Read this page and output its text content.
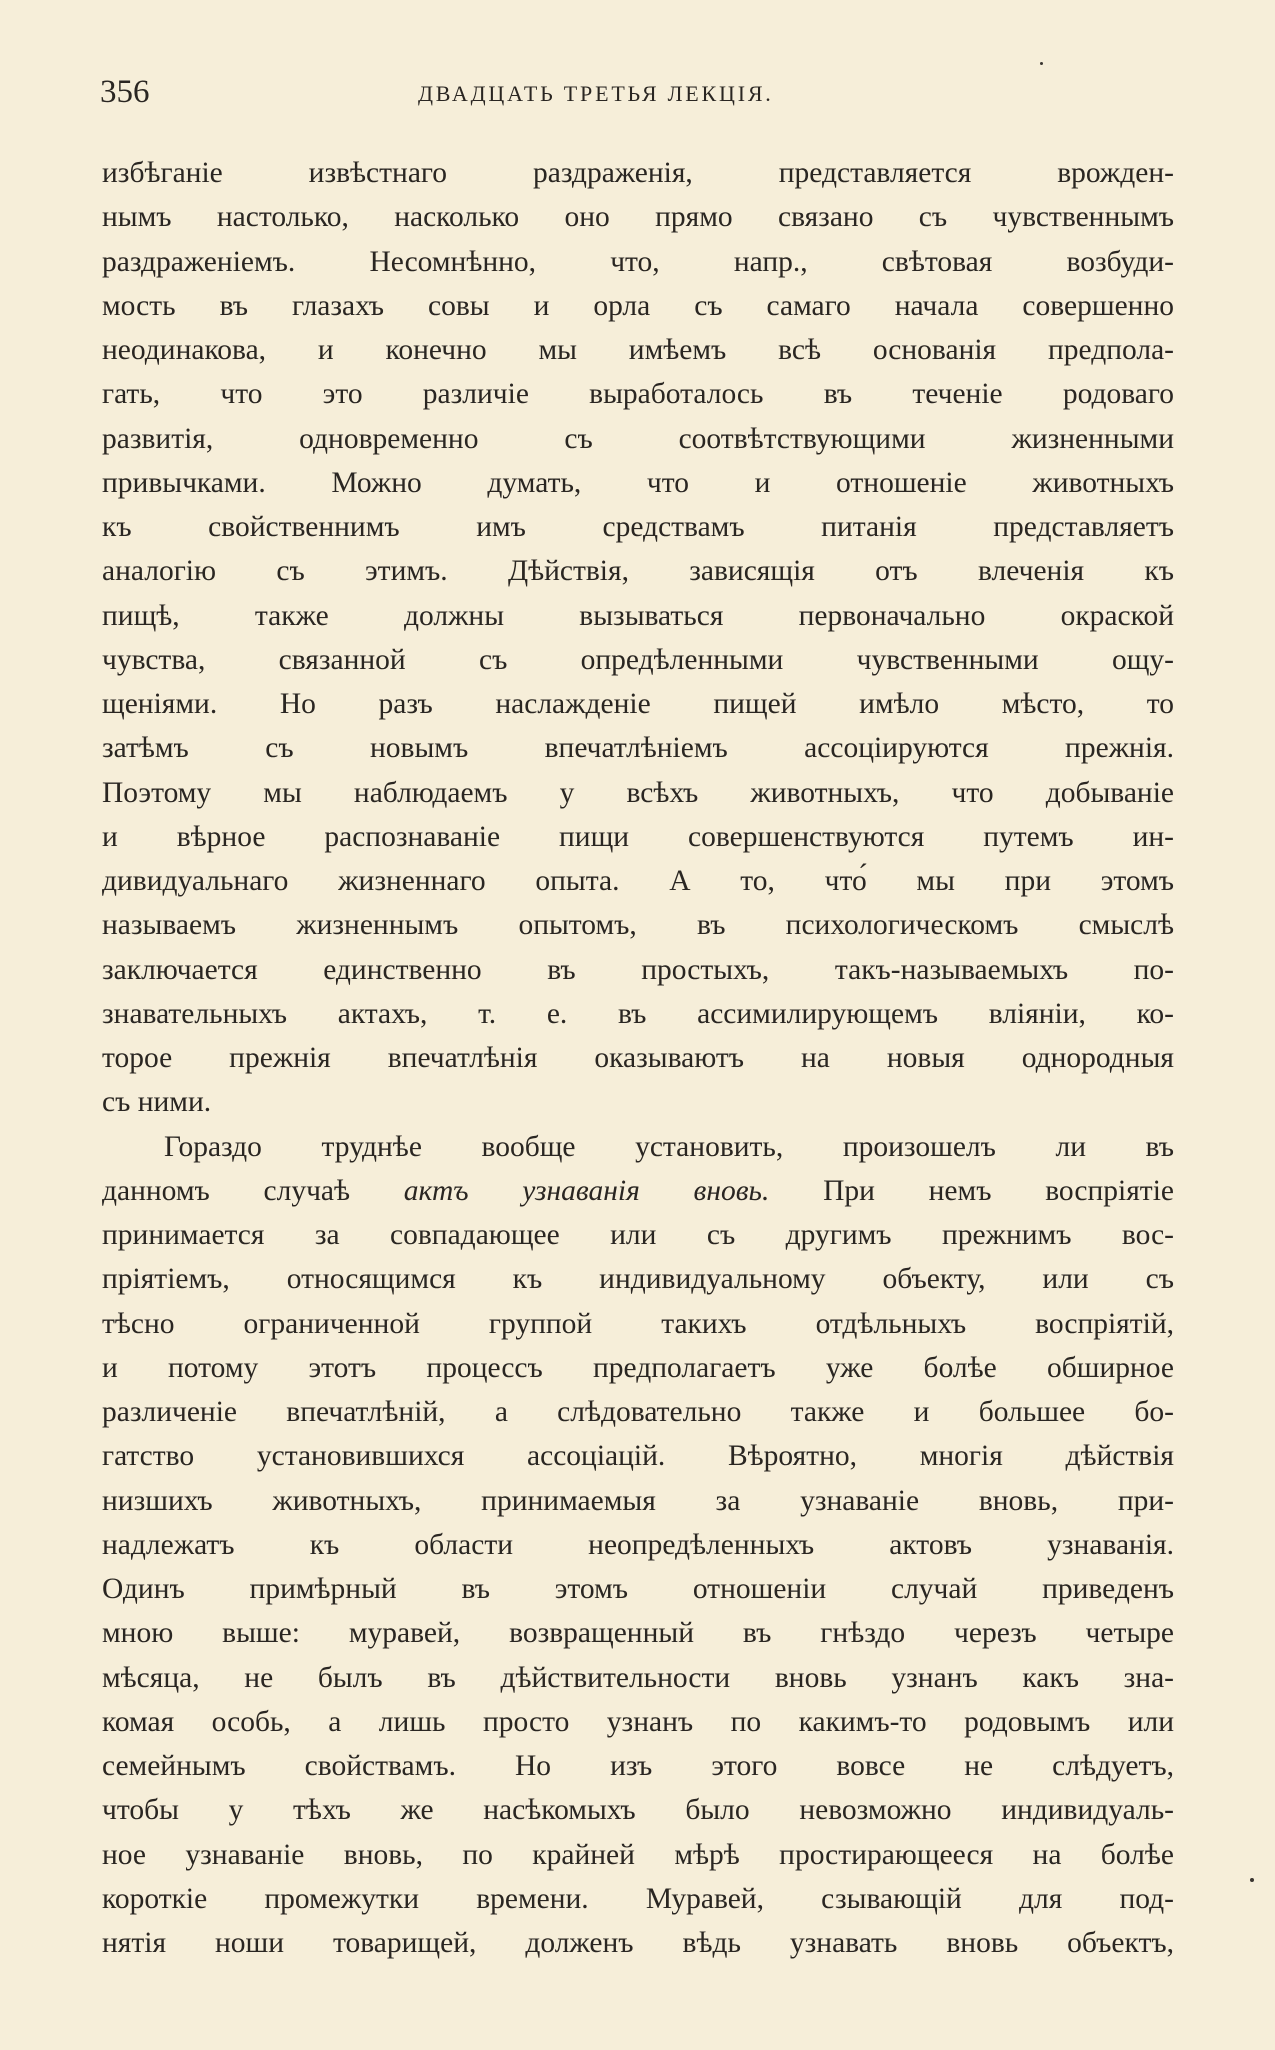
356	ДВАДЦАТЬ ТРЕТЬЯ ЛЕКЦІЯ.
избѣганіе извѣстнаго раздраженія, представляется врожден-
нымъ настолько, насколько оно прямо связано съ чувственнымъ
раздраженіемъ. Несомнѣнно, что, напр., свѣтовая возбуди-
мость въ глазахъ совы и орла съ самаго начала совершенно
неодинакова, и конечно мы имѣемъ всѣ основанія предпола-
гать, что это различіе выработалось въ теченіе родоваго
развитія, одновременно съ соотвѣтствующими жизненными
привычками. Можно думать, что и отношеніе животныхъ
къ свойственнимъ имъ средствамъ питанія представляетъ
аналогію съ этимъ. Дѣйствія, зависящія отъ влеченія къ
пищѣ, также должны вызываться первоначально окраской
чувства, связанной съ опредѣленными чувственными ощу-
щеніями. Но разъ наслажденіе пищей имѣло мѣсто, то
затѣмъ съ новымъ впечатлѣніемъ ассоціируются прежнія.
Поэтому мы наблюдаемъ у всѣхъ животныхъ, что добываніе
и вѣрное распознаваніе пищи совершенствуются путемъ ин-
дивидуальнаго жизненнаго опыта. А то, что́ мы при этомъ
называемъ жизненнымъ опытомъ, въ психологическомъ смыслѣ
заключается единственно въ простыхъ, такъ-называемыхъ по-
знавательныхъ актахъ, т. е. въ ассимилирующемъ вліяніи, ко-
торое прежнія впечатлѣнія оказываютъ на новыя однородныя
съ ними.
Гораздо труднѣе вообще установить, произошелъ ли въ
данномъ случаѣ актъ узнаванія вновь. При немъ воспріятіе
принимается за совпадающее или съ другимъ прежнимъ вос-
пріятіемъ, относящимся къ индивидуальному объекту, или съ
тѣсно ограниченной группой такихъ отдѣльныхъ воспріятій,
и потому этотъ процессъ предполагаетъ уже болѣе обширное
различеніе впечатлѣній, а слѣдовательно также и большее бо-
гатство установившихся ассоціацій. Вѣроятно, многія дѣйствія
низшихъ животныхъ, принимаемыя за узнаваніе вновь, при-
надлежатъ къ области неопредѣленныхъ актовъ узнаванія.
Одинъ примѣрный въ этомъ отношеніи случай приведенъ
мною выше: муравей, возвращенный въ гнѣздо черезъ четыре
мѣсяца, не былъ въ дѣйствительности вновь узнанъ какъ зна-
комая особь, а лишь просто узнанъ по какимъ-то родовымъ или
семейнымъ свойствамъ. Но изъ этого вовсе не слѣдуетъ,
чтобы у тѣхъ же насѣкомыхъ было невозможно индивидуаль-
ное узнаваніе вновь, по крайней мѣрѣ простирающееся на болѣе
короткіе промежутки времени. Муравей, сзывающій для под-
нятія ноши товарищей, долженъ вѣдь узнавать вновь объектъ,
